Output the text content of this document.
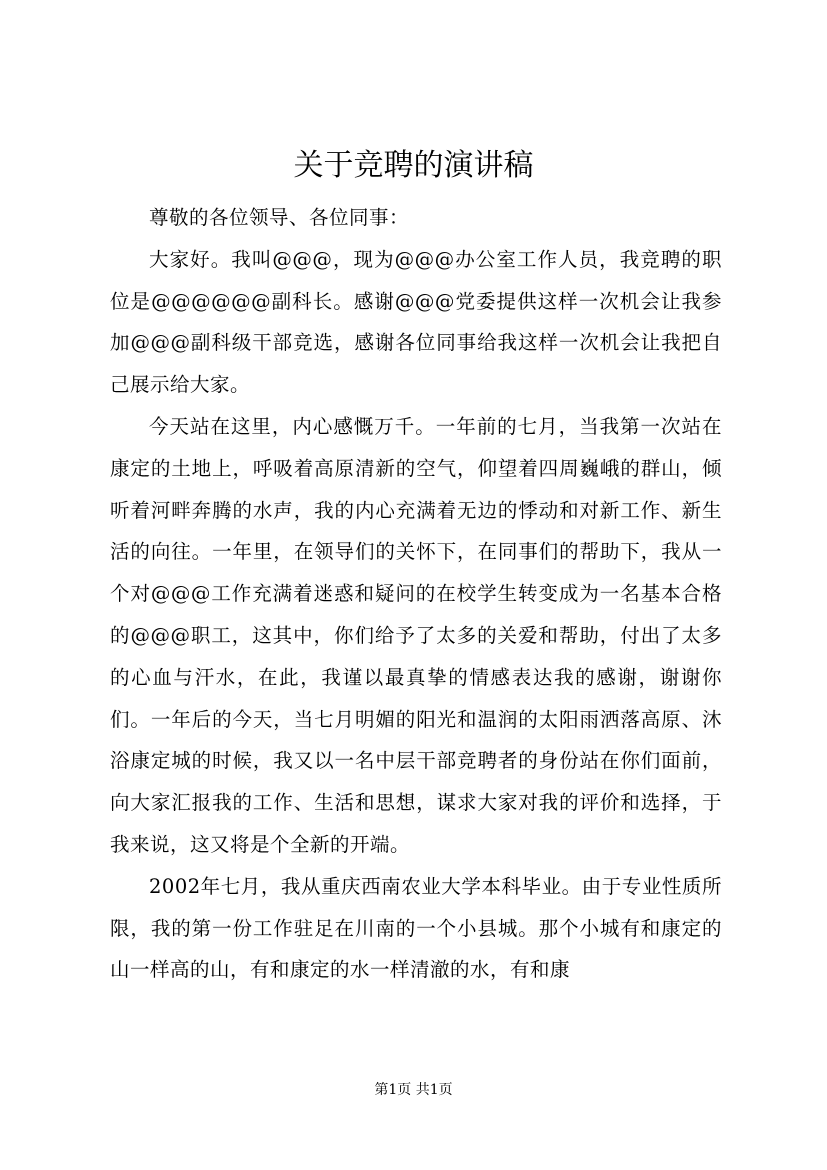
关于竞聘的演讲稿

尊敬的各位领导、各位同事：

大家好。我叫@@@，现为@@@办公室工作人员，我竞聘的职位是@@@@@@副科长。感谢@@@党委提供这样一次机会让我参加@@@副科级干部竞选，感谢各位同事给我这样一次机会让我把自己展示给大家。

今天站在这里，内心感慨万千。一年前的七月，当我第一次站在康定的土地上，呼吸着高原清新的空气，仰望着四周巍峨的群山，倾听着河畔奔腾的水声，我的内心充满着无边的悸动和对新工作、新生活的向往。一年里，在领导们的关怀下，在同事们的帮助下，我从一个对@@@工作充满着迷惑和疑问的在校学生转变成为一名基本合格的@@@职工，这其中，你们给予了太多的关爱和帮助，付出了太多的心血与汗水，在此，我谨以最真挚的情感表达我的感谢，谢谢你们。一年后的今天，当七月明媚的阳光和温润的太阳雨洒落高原、沐浴康定城的时候，我又以一名中层干部竞聘者的身份站在你们面前，向大家汇报我的工作、生活和思想，谋求大家对我的评价和选择，于我来说，这又将是个全新的开端。

2002年七月，我从重庆西南农业大学本科毕业。由于专业性质所限，我的第一份工作驻足在川南的一个小县城。那个小城有和康定的山一样高的山，有和康定的水一样清澈的水，有和康

第1页 共1页
